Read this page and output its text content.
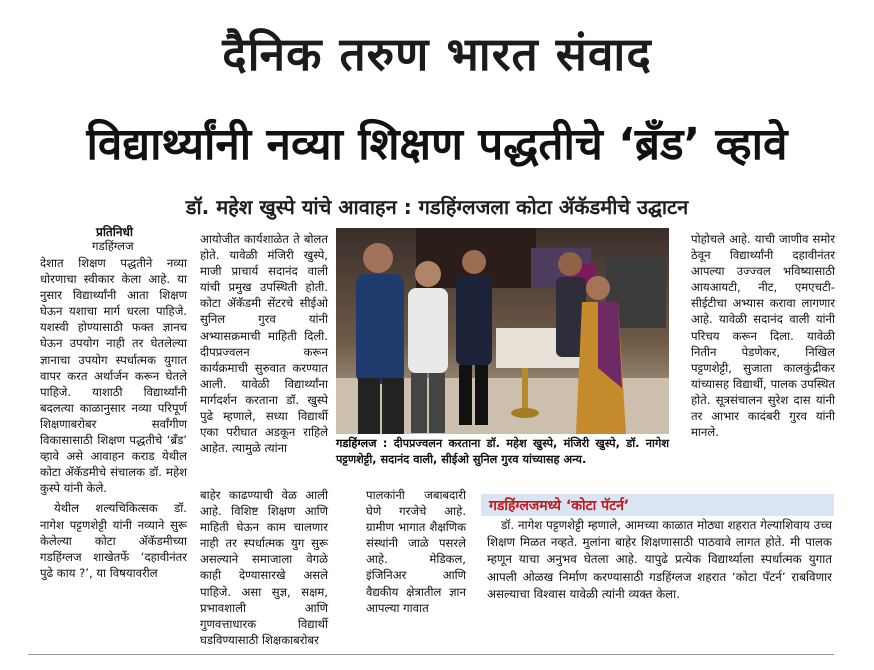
दैनिक तरुण भारत संवाद
विद्यार्थ्यांनी नव्या शिक्षण पद्धतीचे ‘ब्रँड’ व्हावे
डॉ. महेश खुस्पे यांचे आवाहन : गडहिंग्लजला कोटा ॲकॅडमीचे उद्घाटन

प्रतिनिधी

गडहिंग्लज

देशात शिक्षण पद्धतीने नव्या धोरणाचा स्वीकार केला आहे. या नुसार विद्यार्थ्यांनी आता शिक्षण घेऊन यशाचा मार्ग धरला पाहिजे. यशस्वी होण्यासाठी फक्त ज्ञानच घेऊन उपयोग नाही तर घेतलेल्या ज्ञानाचा उपयोग स्पर्धात्मक युगात वापर करत अर्थार्जन करून घेतले पाहिजे. याशाठी विद्यार्थ्यांनी बदलत्या काळानुसार नव्या परिपूर्ण शिक्षणाबरोबर सर्वांगीण विकासासाठी शिक्षण पद्धतीचे ‘ब्रँड’ व्हावे असे आवाहन कराड येथील कोटा ॲकॅडमीचे संचालक डॉ. महेश कुस्पे यांनी केले.

येथील शल्यचिकित्सक डॉ. नागेश पट्टणशेट्टी यांनी नव्याने सुरू केलेल्या कोटा ॲकॅडमीच्या गडहिंग्लज शाखेतर्फे ‘दहावीनंतर पुढे काय ?’, या विषयावरील

आयोजीत कार्यशाळेत ते बोलत होते. यावेळी मंजिरी खुस्पे, माजी प्राचार्य सदानंद वाली यांची प्रमुख उपस्थिती होती. कोटा ॲकॅडमी सेंटरचे सीईओ सुनिल गुरव यांनी अभ्यासक्रमाची माहिती दिली. दीपप्रज्वलन करून कार्यक्रमाची सुरुवात करण्यात आली. यावेळी विद्यार्थ्यांना मार्गदर्शन करताना डॉ. खुस्पे पुढे म्हणाले, सध्या विद्यार्थी एका परीघात अडकून राहिले आहेत. त्यामुळे त्यांना	गडहिंग्लज : दीपप्रज्वलन करताना डॉ. महेश खुस्पे, मंजिरी खुस्पे, डॉ. नागेश पट्टणशेट्टी, सदानंद वाली, सीईओ सुनिल गुरव यांच्यासह अन्य.

बाहेर काढण्याची वेळ आली आहे. विशिष्ट शिक्षण आणि माहिती घेऊन काम चालणार नाही तर स्पर्धात्मक युग सुरू असल्याने समाजाला वेगळे काही देण्यासारखे असले पाहिजे. असा सुज्ञ, सक्षम, प्रभावशाली आणि गुणवत्ताधारक विद्यार्थी घडविण्यासाठी शिक्षकाबरोबर

पालकांनी जबाबदारी घेणे गरजेचे आहे. ग्रामीण भागात शैक्षणिक संस्थांनी जाळे पसरले आहे. मेडिकल, इंजिनिअर आणि वैद्यकीय क्षेत्रातील ज्ञान आपल्या गावात

पोहोचले आहे. याची जाणीव समोर ठेवून विद्यार्थ्यांनी दहावीनंतर आपल्या उज्ज्वल भविष्यासाठी आयआयटी, नीट, एमएचटी-सीईटीचा अभ्यास करावा लागणार आहे. यावेळी सदानंद वाली यांनी परिचय करून दिला. यावेळी नितीन पेडणेकर, निखिल पट्टणशेट्टी, सुजाता कालकुंद्रीकर यांच्यासह विद्यार्थी, पालक उपस्थित होते. सूत्रसंचालन सुरेश दास यांनी तर आभार कादंबरी गुरव यांनी मानले.

गडहिंग्लजमध्ये ‘कोटा पॅटर्न’

डॉ. नागेश पट्टणशेट्टी म्हणाले, आमच्या काळात मोठ्या शहरात गेल्याशिवाय उच्च शिक्षण मिळत नव्हते. मुलांना बाहेर शिक्षणासाठी पाठवावे लागत होते. मी पालक म्हणून याचा अनुभव घेतला आहे. यापुढे प्रत्येक विद्यार्थ्याला स्पर्धात्मक युगात आपली ओळख निर्माण करण्यासाठी गडहिंग्लज शहरात ‘कोटा पॅटर्न’ राबविणार असल्याचा विश्वास यावेळी त्यांनी व्यक्त केला.
